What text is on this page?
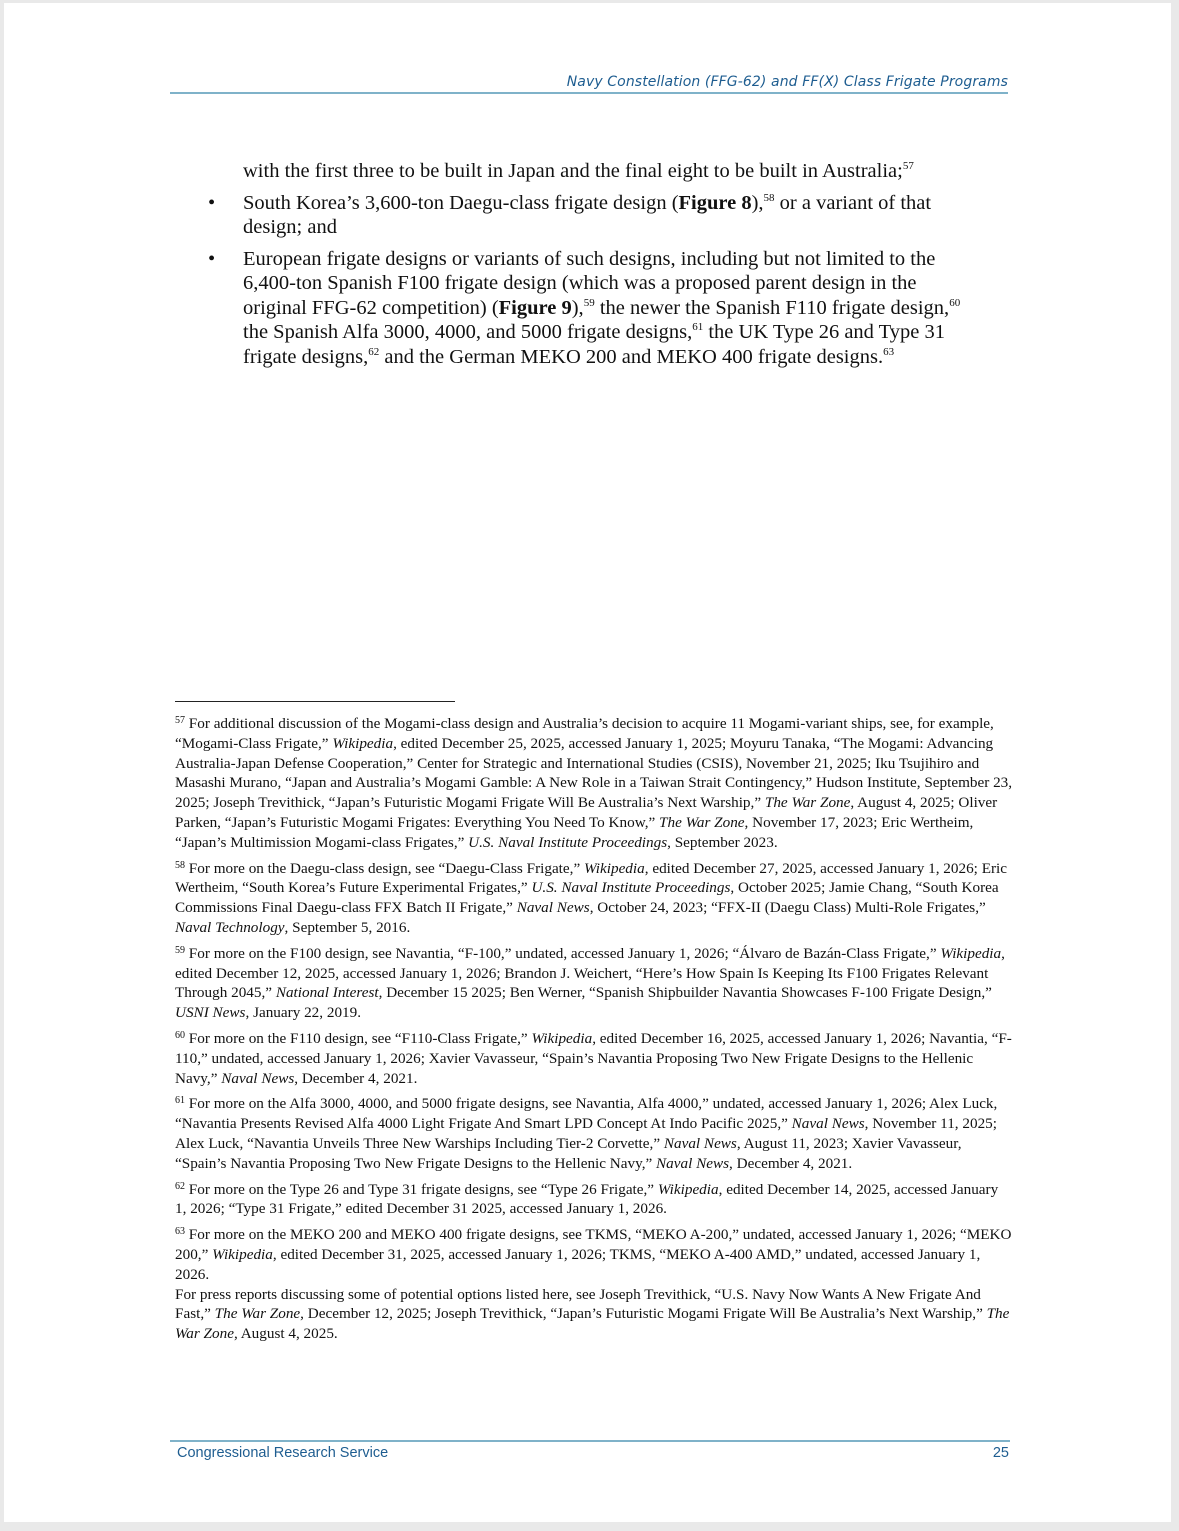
Navy Constellation (FFG-62) and FF(X) Class Frigate Programs
with the first three to be built in Japan and the final eight to be built in Australia;$^{57}$
• South Korea’s 3,600-ton Daegu-class frigate design (Figure 8),$^{58}$ or a variant of that design; and
• European frigate designs or variants of such designs, including but not limited to the 6,400-ton Spanish F100 frigate design (which was a proposed parent design in the original FFG-62 competition) (Figure 9),$^{59}$ the newer the Spanish F110 frigate design,$^{60}$ the Spanish Alfa 3000, 4000, and 5000 frigate designs,$^{61}$ the UK Type 26 and Type 31 frigate designs,$^{62}$ and the German MEKO 200 and MEKO 400 frigate designs.$^{63}$
$^{57}$ For additional discussion of the Mogami-class design and Australia’s decision to acquire 11 Mogami-variant ships, see, for example, “Mogami-Class Frigate,” Wikipedia, edited December 25, 2025, accessed January 1, 2025; Moyuru Tanaka, “The Mogami: Advancing Australia-Japan Defense Cooperation,” Center for Strategic and International Studies (CSIS), November 21, 2025; Iku Tsujihiro and Masashi Murano, “Japan and Australia’s Mogami Gamble: A New Role in a Taiwan Strait Contingency,” Hudson Institute, September 23, 2025; Joseph Trevithick, “Japan’s Futuristic Mogami Frigate Will Be Australia’s Next Warship,” The War Zone, August 4, 2025; Oliver Parken, “Japan’s Futuristic Mogami Frigates: Everything You Need To Know,” The War Zone, November 17, 2023; Eric Wertheim, “Japan’s Multimission Mogami-class Frigates,” U.S. Naval Institute Proceedings, September 2023.
$^{58}$ For more on the Daegu-class design, see “Daegu-Class Frigate,” Wikipedia, edited December 27, 2025, accessed January 1, 2026; Eric Wertheim, “South Korea’s Future Experimental Frigates,” U.S. Naval Institute Proceedings, October 2025; Jamie Chang, “South Korea Commissions Final Daegu-class FFX Batch II Frigate,” Naval News, October 24, 2023; “FFX-II (Daegu Class) Multi-Role Frigates,” Naval Technology, September 5, 2016.
$^{59}$ For more on the F100 design, see Navantia, “F-100,” undated, accessed January 1, 2026; “Álvaro de Bazán-Class Frigate,” Wikipedia, edited December 12, 2025, accessed January 1, 2026; Brandon J. Weichert, “Here’s How Spain Is Keeping Its F100 Frigates Relevant Through 2045,” National Interest, December 15 2025; Ben Werner, “Spanish Shipbuilder Navantia Showcases F-100 Frigate Design,” USNI News, January 22, 2019.
$^{60}$ For more on the F110 design, see “F110-Class Frigate,” Wikipedia, edited December 16, 2025, accessed January 1, 2026; Navantia, “F-110,” undated, accessed January 1, 2026; Xavier Vavasseur, “Spain’s Navantia Proposing Two New Frigate Designs to the Hellenic Navy,” Naval News, December 4, 2021.
$^{61}$ For more on the Alfa 3000, 4000, and 5000 frigate designs, see Navantia, Alfa 4000,” undated, accessed January 1, 2026; Alex Luck, “Navantia Presents Revised Alfa 4000 Light Frigate And Smart LPD Concept At Indo Pacific 2025,” Naval News, November 11, 2025; Alex Luck, “Navantia Unveils Three New Warships Including Tier-2 Corvette,” Naval News, August 11, 2023; Xavier Vavasseur, “Spain’s Navantia Proposing Two New Frigate Designs to the Hellenic Navy,” Naval News, December 4, 2021.
$^{62}$ For more on the Type 26 and Type 31 frigate designs, see “Type 26 Frigate,” Wikipedia, edited December 14, 2025, accessed January 1, 2026; “Type 31 Frigate,” edited December 31 2025, accessed January 1, 2026.
$^{63}$ For more on the MEKO 200 and MEKO 400 frigate designs, see TKMS, “MEKO A-200,” undated, accessed January 1, 2026; “MEKO 200,” Wikipedia, edited December 31, 2025, accessed January 1, 2026; TKMS, “MEKO A-400 AMD,” undated, accessed January 1, 2026.
For press reports discussing some of potential options listed here, see Joseph Trevithick, “U.S. Navy Now Wants A New Frigate And Fast,” The War Zone, December 12, 2025; Joseph Trevithick, “Japan’s Futuristic Mogami Frigate Will Be Australia’s Next Warship,” The War Zone, August 4, 2025.
Congressional Research Service	25
